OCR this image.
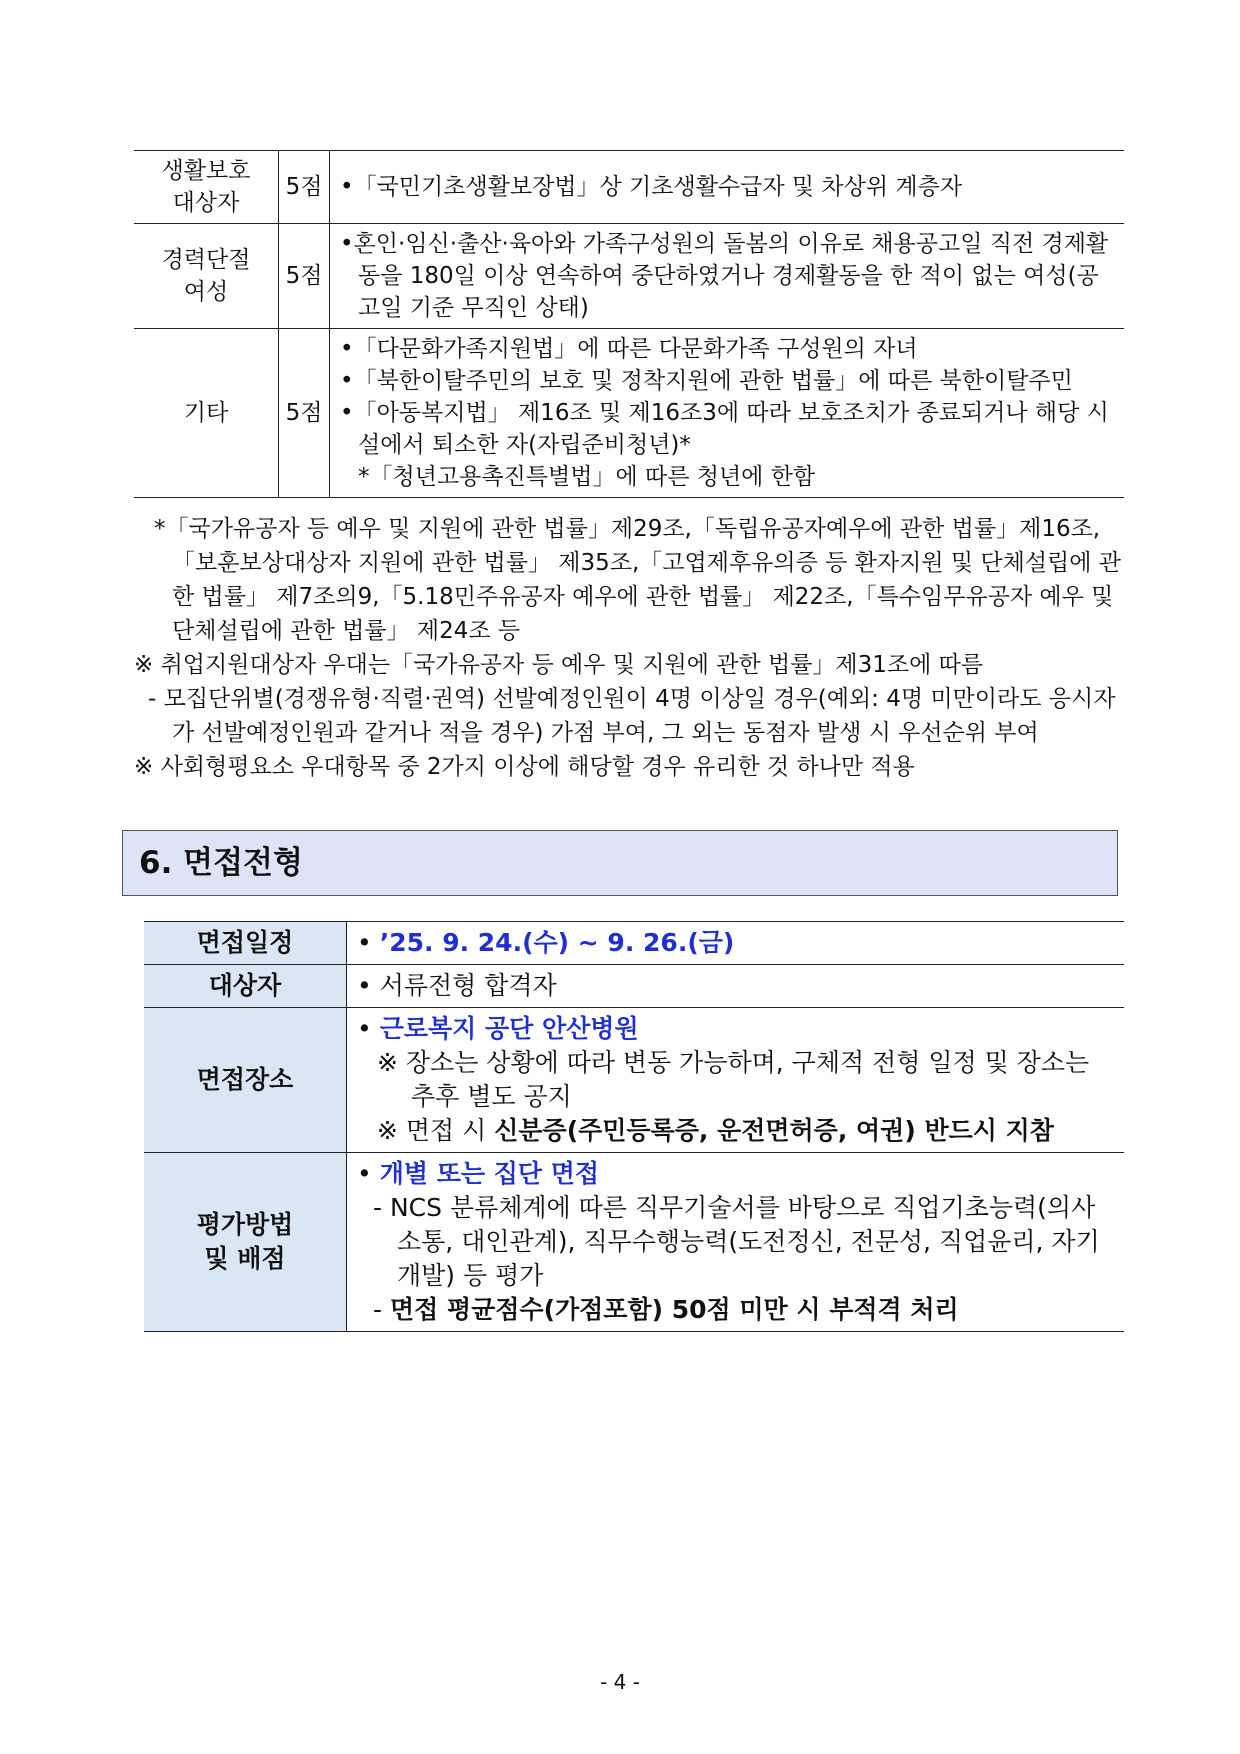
생활보호
대상자	5점	•「국민기초생활보장법」상 기초생활수급자 및 차상위 계층자

경력단절
여성	5점	•혼인·임신·출산·육아와 가족구성원의 돌봄의 이유로 채용공고일 직전 경제활동을 180일 이상 연속하여 중단하였거나 경제활동을 한 적이 없는 여성(공고일 기준 무직인 상태)

기타	5점	•「다문화가족지원법」에 따른 다문화가족 구성원의 자녀
•「북한이탈주민의 보호 및 정착지원에 관한 법률」에 따른 북한이탈주민
•「아동복지법」 제16조 및 제16조3에 따라 보호조치가 종료되거나 해당 시설에서 퇴소한 자(자립준비청년)*
*「청년고용촉진특별법」에 따른 청년에 한함
*「국가유공자 등 예우 및 지원에 관한 법률」제29조,「독립유공자예우에 관한 법률」제16조,「보훈보상대상자 지원에 관한 법률」 제35조,「고엽제후유의증 등 환자지원 및 단체설립에 관한 법률」 제7조의9,「5.18민주유공자 예우에 관한 법률」 제22조,「특수임무유공자 예우 및 단체설립에 관한 법률」 제24조 등
※ 취업지원대상자 우대는「국가유공자 등 예우 및 지원에 관한 법률」제31조에 따름
- 모집단위별(경쟁유형·직렬·권역) 선발예정인원이 4명 이상일 경우(예외: 4명 미만이라도 응시자가 선발예정인원과 같거나 적을 경우) 가점 부여, 그 외는 동점자 발생 시 우선순위 부여
※ 사회형평요소 우대항목 중 2가지 이상에 해당할 경우 유리한 것 하나만 적용
6. 면접전형
면접일정	• ’25. 9. 24.(수) ~ 9. 26.(금)
대상자	• 서류전형 합격자
면접장소	• 근로복지 공단 안산병원
※ 장소는 상황에 따라 변동 가능하며, 구체적 전형 일정 및 장소는 추후 별도 공지
※ 면접 시 신분증(주민등록증, 운전면허증, 여권) 반드시 지참

평가방법
및 배점	• 개별 또는 집단 면접
- NCS 분류체계에 따른 직무기술서를 바탕으로 직업기초능력(의사소통, 대인관계), 직무수행능력(도전정신, 전문성, 직업윤리, 자기개발) 등 평가
- 면접 평균점수(가점포함) 50점 미만 시 부적격 처리
- 4 -
